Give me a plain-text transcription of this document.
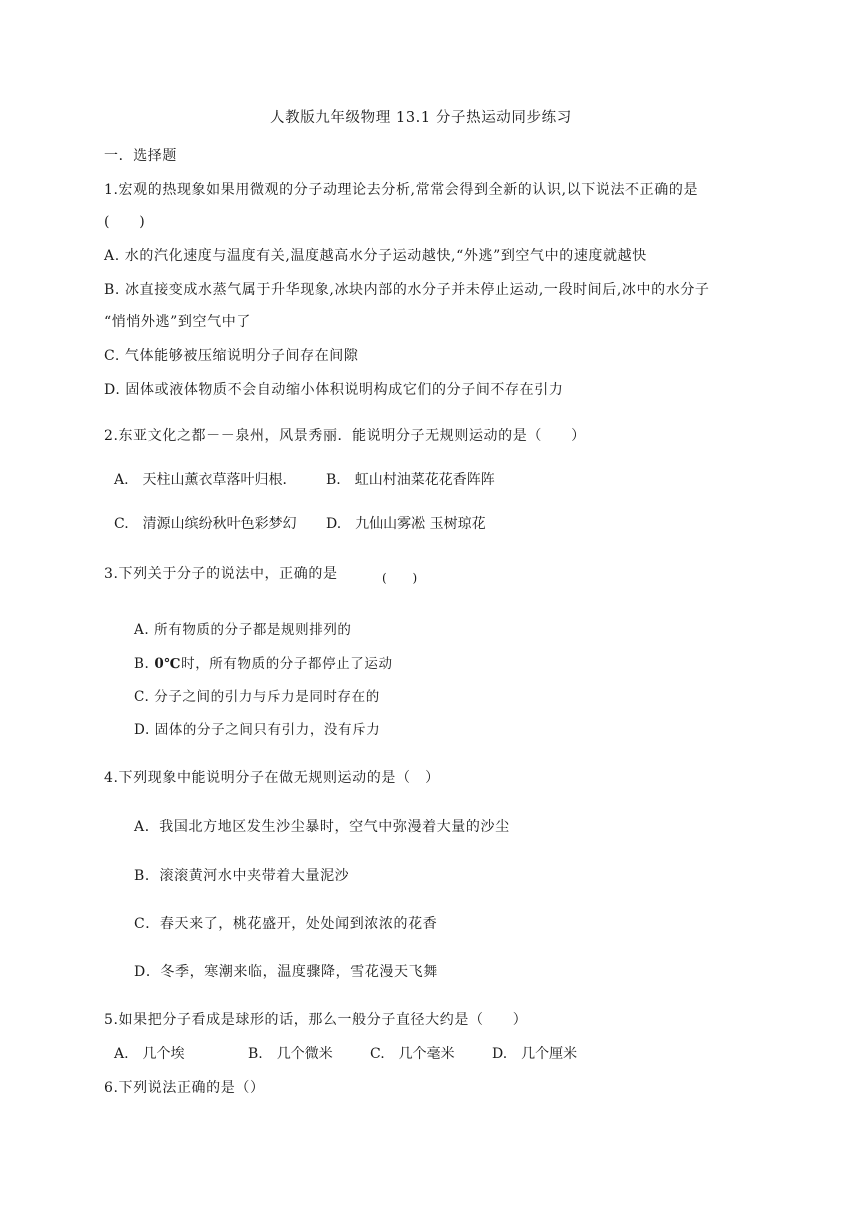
人教版九年级物理 13.1 分子热运动同步练习
一．选择题
1.宏观的热现象如果用微观的分子动理论去分析,常常会得到全新的认识,以下说法不正确的是
(　　)
A. 水的汽化速度与温度有关,温度越高水分子运动越快,“外逃”到空气中的速度就越快
B. 冰直接变成水蒸气属于升华现象,冰块内部的水分子并未停止运动,一段时间后,冰中的水分子
“悄悄外逃”到空气中了
C. 气体能够被压缩说明分子间存在间隙
D. 固体或液体物质不会自动缩小体积说明构成它们的分子间不存在引力
2.东亚文化之都－－泉州，风景秀丽．能说明分子无规则运动的是（　　）
A.　天柱山薰衣草落叶归根． B.　虹山村油菜花花香阵阵
C.　清源山缤纷秋叶色彩梦幻 D.　九仙山雾凇 玉树琼花
3.下列关于分子的说法中，正确的是	(　　)
A. 所有物质的分子都是规则排列的
B. 0℃时，所有物质的分子都停止了运动
C. 分子之间的引力与斥力是同时存在的
D. 固体的分子之间只有引力，没有斥力
4.下列现象中能说明分子在做无规则运动的是（　）
A．我国北方地区发生沙尘暴时，空气中弥漫着大量的沙尘
B．滚滚黄河水中夹带着大量泥沙
C．春天来了，桃花盛开，处处闻到浓浓的花香
D．冬季，寒潮来临，温度骤降，雪花漫天飞舞
5.如果把分子看成是球形的话，那么一般分子直径大约是（　　）
A.　几个埃	B.　几个微米	C.　几个毫米	D.　几个厘米
6.下列说法正确的是（）
